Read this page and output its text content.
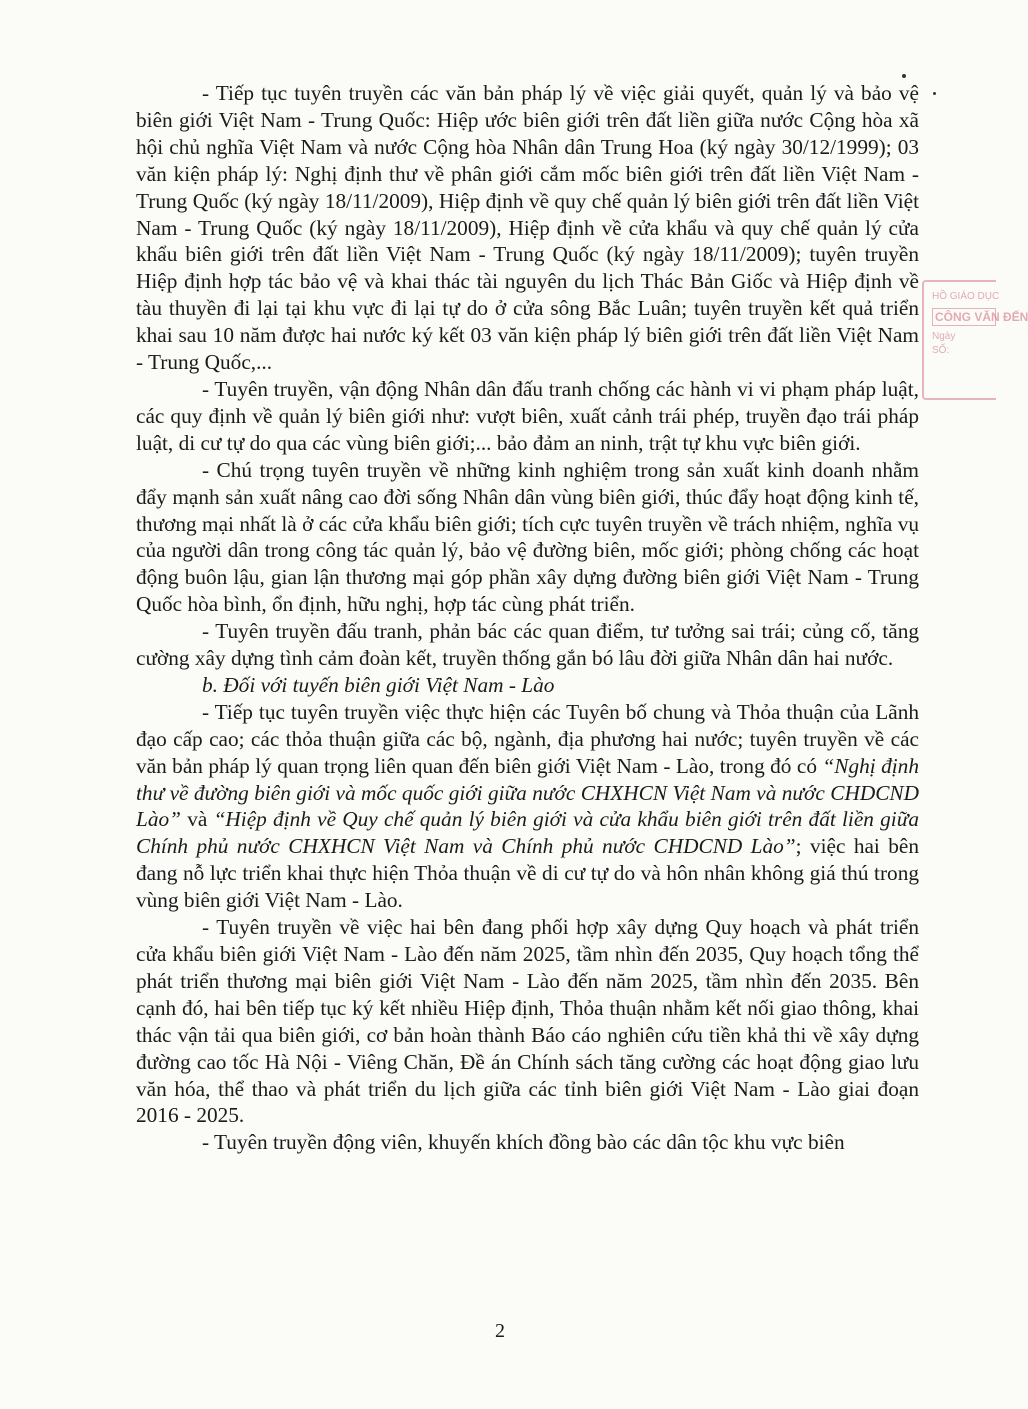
- Tiếp tục tuyên truyền các văn bản pháp lý về việc giải quyết, quản lý và bảo vệ biên giới Việt Nam - Trung Quốc: Hiệp ước biên giới trên đất liền giữa nước Cộng hòa xã hội chủ nghĩa Việt Nam và nước Cộng hòa Nhân dân Trung Hoa (ký ngày 30/12/1999); 03 văn kiện pháp lý: Nghị định thư về phân giới cắm mốc biên giới trên đất liền Việt Nam - Trung Quốc (ký ngày 18/11/2009), Hiệp định về quy chế quản lý biên giới trên đất liền Việt Nam - Trung Quốc (ký ngày 18/11/2009), Hiệp định về cửa khẩu và quy chế quản lý cửa khẩu biên giới trên đất liền Việt Nam - Trung Quốc (ký ngày 18/11/2009); tuyên truyền Hiệp định hợp tác bảo vệ và khai thác tài nguyên du lịch Thác Bản Giốc và Hiệp định về tàu thuyền đi lại tại khu vực đi lại tự do ở cửa sông Bắc Luân; tuyên truyền kết quả triển khai sau 10 năm được hai nước ký kết 03 văn kiện pháp lý biên giới trên đất liền Việt Nam - Trung Quốc,...

- Tuyên truyền, vận động Nhân dân đấu tranh chống các hành vi vi phạm pháp luật, các quy định về quản lý biên giới như: vượt biên, xuất cảnh trái phép, truyền đạo trái pháp luật, di cư tự do qua các vùng biên giới;... bảo đảm an ninh, trật tự khu vực biên giới.

- Chú trọng tuyên truyền về những kinh nghiệm trong sản xuất kinh doanh nhằm đẩy mạnh sản xuất nâng cao đời sống Nhân dân vùng biên giới, thúc đẩy hoạt động kinh tế, thương mại nhất là ở các cửa khẩu biên giới; tích cực tuyên truyền về trách nhiệm, nghĩa vụ của người dân trong công tác quản lý, bảo vệ đường biên, mốc giới; phòng chống các hoạt động buôn lậu, gian lận thương mại góp phần xây dựng đường biên giới Việt Nam - Trung Quốc hòa bình, ổn định, hữu nghị, hợp tác cùng phát triển.

- Tuyên truyền đấu tranh, phản bác các quan điểm, tư tưởng sai trái; củng cố, tăng cường xây dựng tình cảm đoàn kết, truyền thống gắn bó lâu đời giữa Nhân dân hai nước.

b. Đối với tuyến biên giới Việt Nam - Lào

- Tiếp tục tuyên truyền việc thực hiện các Tuyên bố chung và Thỏa thuận của Lãnh đạo cấp cao; các thỏa thuận giữa các bộ, ngành, địa phương hai nước; tuyên truyền về các văn bản pháp lý quan trọng liên quan đến biên giới Việt Nam - Lào, trong đó có “Nghị định thư về đường biên giới và mốc quốc giới giữa nước CHXHCN Việt Nam và nước CHDCND Lào” và “Hiệp định về Quy chế quản lý biên giới và cửa khẩu biên giới trên đất liền giữa Chính phủ nước CHXHCN Việt Nam và Chính phủ nước CHDCND Lào”; việc hai bên đang nỗ lực triển khai thực hiện Thỏa thuận về di cư tự do và hôn nhân không giá thú trong vùng biên giới Việt Nam - Lào.

- Tuyên truyền về việc hai bên đang phối hợp xây dựng Quy hoạch và phát triển cửa khẩu biên giới Việt Nam - Lào đến năm 2025, tầm nhìn đến 2035, Quy hoạch tổng thể phát triển thương mại biên giới Việt Nam - Lào đến năm 2025, tầm nhìn đến 2035. Bên cạnh đó, hai bên tiếp tục ký kết nhiều Hiệp định, Thỏa thuận nhằm kết nối giao thông, khai thác vận tải qua biên giới, cơ bản hoàn thành Báo cáo nghiên cứu tiền khả thi về xây dựng đường cao tốc Hà Nội - Viêng Chăn, Đề án Chính sách tăng cường các hoạt động giao lưu văn hóa, thể thao và phát triển du lịch giữa các tỉnh biên giới Việt Nam - Lào giai đoạn 2016 - 2025.

- Tuyên truyền động viên, khuyến khích đồng bào các dân tộc khu vực biên

2
HỒ GIÁO DỤC
CÔNG VĂN ĐẾN
Ngày
SỐ:
